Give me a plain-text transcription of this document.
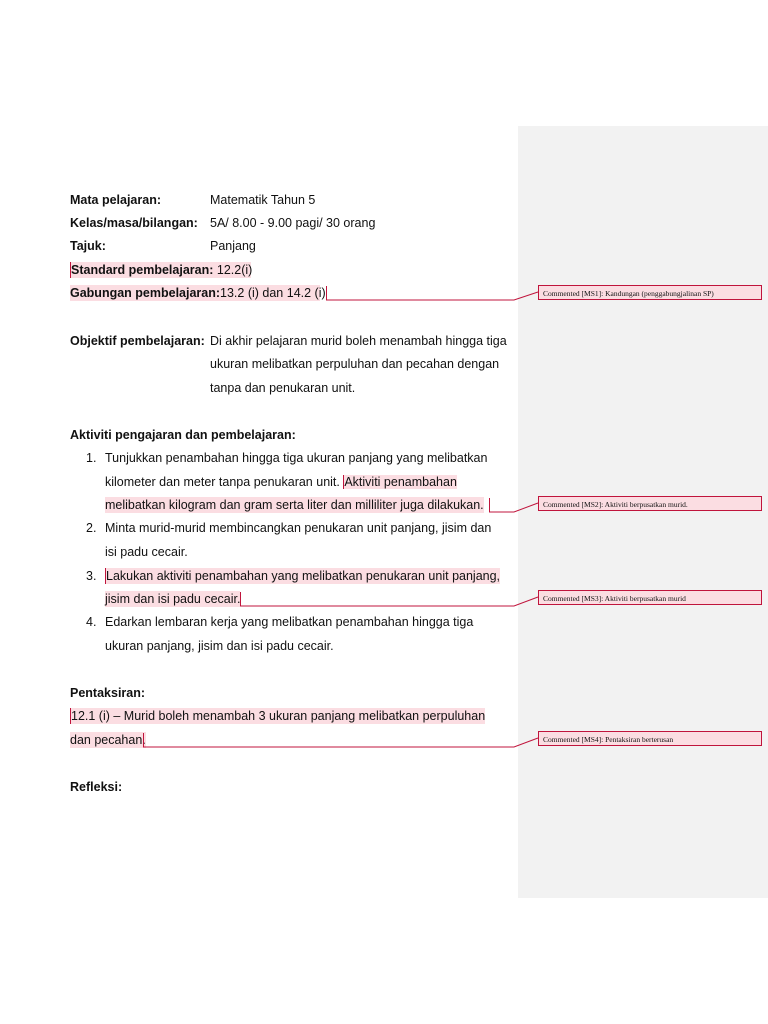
Mata pelajaran:	Matematik Tahun 5
Kelas/masa/bilangan: 5A/ 8.00 - 9.00 pagi/ 30 orang
Tajuk:	Panjang
Standard pembelajaran: 12.2(i)
Gabungan pembelajaran:13.2 (i) dan 14.2 (i)
Objektif pembelajaran: Di akhir pelajaran murid boleh menambah hingga tiga
ukuran melibatkan perpuluhan dan pecahan dengan
tanpa dan penukaran unit.
Aktiviti pengajaran dan pembelajaran:
1. Tunjukkan penambahan hingga tiga ukuran panjang yang melibatkan
kilometer dan meter tanpa penukaran unit. Aktiviti penambahan
melibatkan kilogram dan gram serta liter dan milliliter juga dilakukan.
2. Minta murid-murid membincangkan penukaran unit panjang, jisim dan
isi padu cecair.
3. Lakukan aktiviti penambahan yang melibatkan penukaran unit panjang,
jisim dan isi padu cecair.
4. Edarkan lembaran kerja yang melibatkan penambahan hingga tiga
ukuran panjang, jisim dan isi padu cecair.
Pentaksiran:
12.1 (i) – Murid boleh menambah 3 ukuran panjang melibatkan perpuluhan
dan pecahan.
Refleksi:
Commented [MS1]: Kandungan (penggabungjalinan SP)
Commented [MS2]: Aktiviti berpusatkan murid.
Commented [MS3]: Aktiviti berpusatkan murid
Commented [MS4]: Pentaksiran berterusan
